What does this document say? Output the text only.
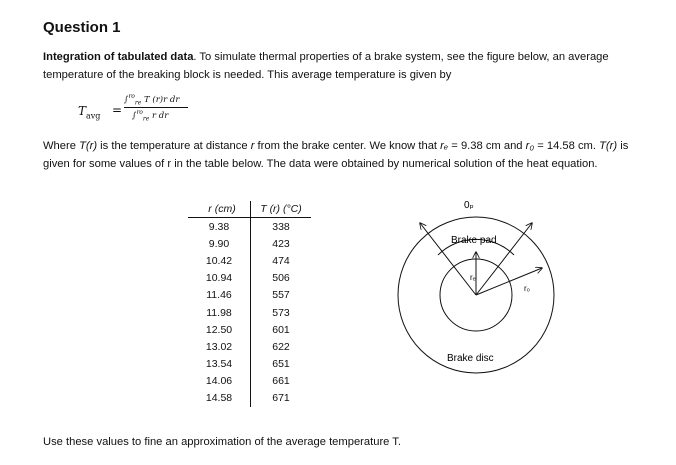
Question 1
Integration of tabulated data. To simulate thermal properties of a brake system, see the figure below, an average temperature of the breaking block is needed. This average temperature is given by
$T_{avg}$ =
∫$^{ro}_{re}$ T (r)r dr
∫$^{ro}_{re}$ r dr
Where T(r) is the temperature at distance r from the brake center. We know that rₑ = 9.38 cm and r₀ = 14.58 cm. T(r) is given for some values of r in the table below. The data were obtained by numerical solution of the heat equation.
r (cm)	T (r) (°C)
9.38	338
9.90	423
10.42	474
10.94	506
11.46	557
11.98	573
12.50	601
13.02	622
13.54	651
14.06	661
14.58	671
0ₚ
Brake pad
rₑ
r₀
Brake disc
Use these values to fine an approximation of the average temperature T.
